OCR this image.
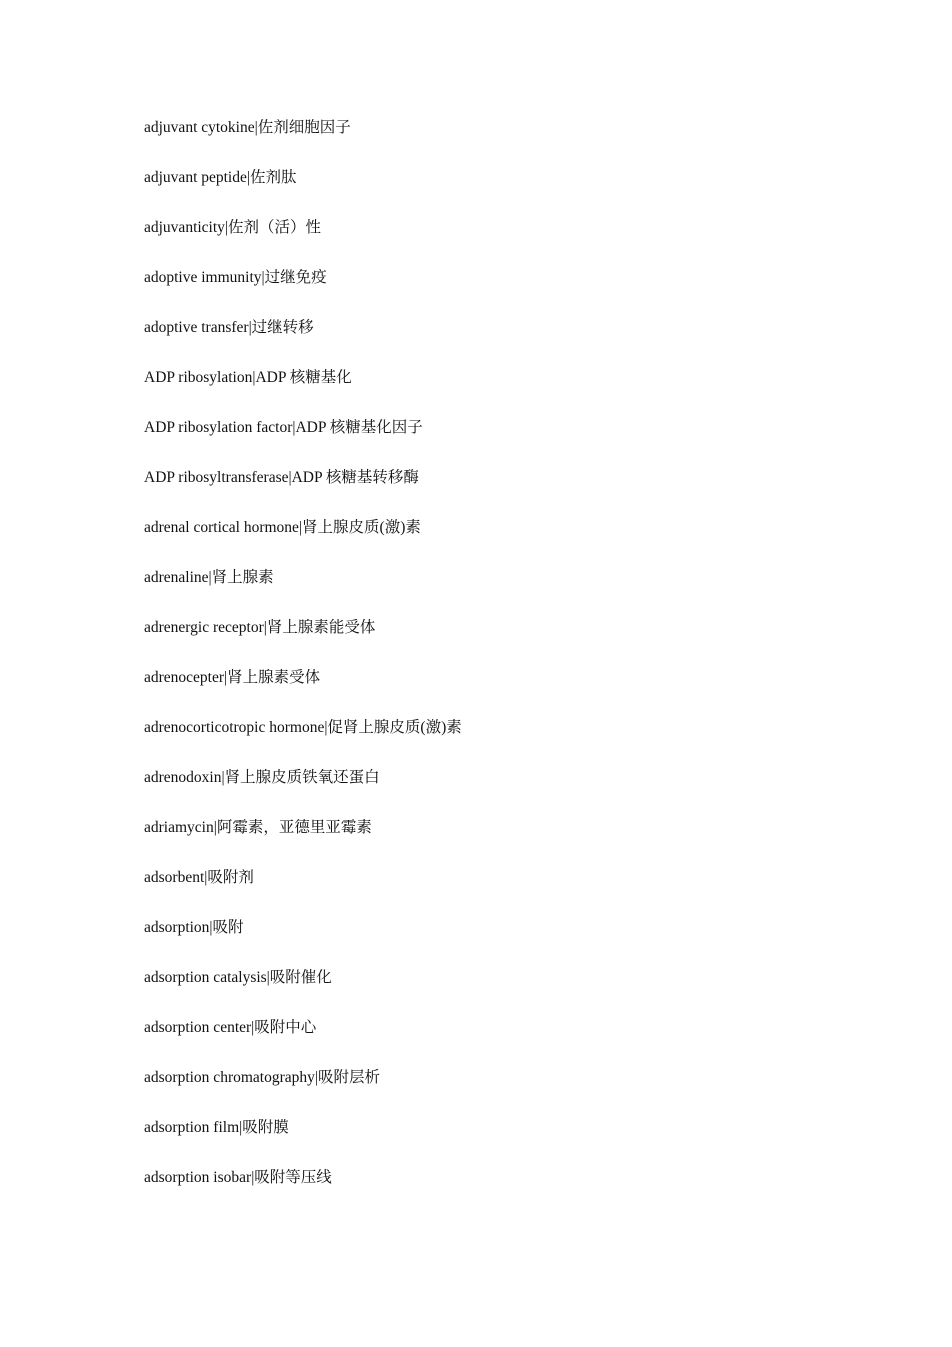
adjuvant cytokine|佐剂细胞因子
adjuvant peptide|佐剂肽
adjuvanticity|佐剂（活）性
adoptive immunity|过继免疫
adoptive transfer|过继转移
ADP ribosylation|ADP 核糖基化
ADP ribosylation factor|ADP 核糖基化因子
ADP ribosyltransferase|ADP 核糖基转移酶
adrenal cortical hormone|肾上腺皮质(激)素
adrenaline|肾上腺素
adrenergic receptor|肾上腺素能受体
adrenocepter|肾上腺素受体
adrenocorticotropic hormone|促肾上腺皮质(激)素
adrenodoxin|肾上腺皮质铁氧还蛋白
adriamycin|阿霉素，亚德里亚霉素
adsorbent|吸附剂
adsorption|吸附
adsorption catalysis|吸附催化
adsorption center|吸附中心
adsorption chromatography|吸附层析
adsorption film|吸附膜
adsorption isobar|吸附等压线
